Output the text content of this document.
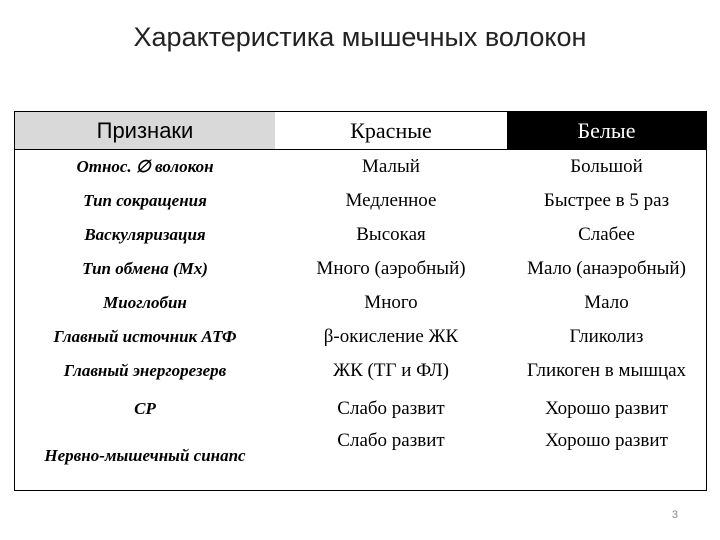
Характеристика мышечных волокон
Признаки	Красные	Белые
Относ. ∅ волокон	Малый	Большой
Тип сокращения	Медленное	Быстрее в 5 раз
Васкуляризация	Высокая	Слабее
Тип обмена (Мх)	Много (аэробный)	Мало (анаэробный)
Миоглобин	Много	Мало
Главный источник АТФ	β-окисление ЖК	Гликолиз
Главный энергорезерв	ЖК (ТГ и ФЛ)	Гликоген в мышцах
СР	Слабо развит	Хорошо развит
Нервно-мышечный синапс	Слабо развит	Хорошо развит
3
